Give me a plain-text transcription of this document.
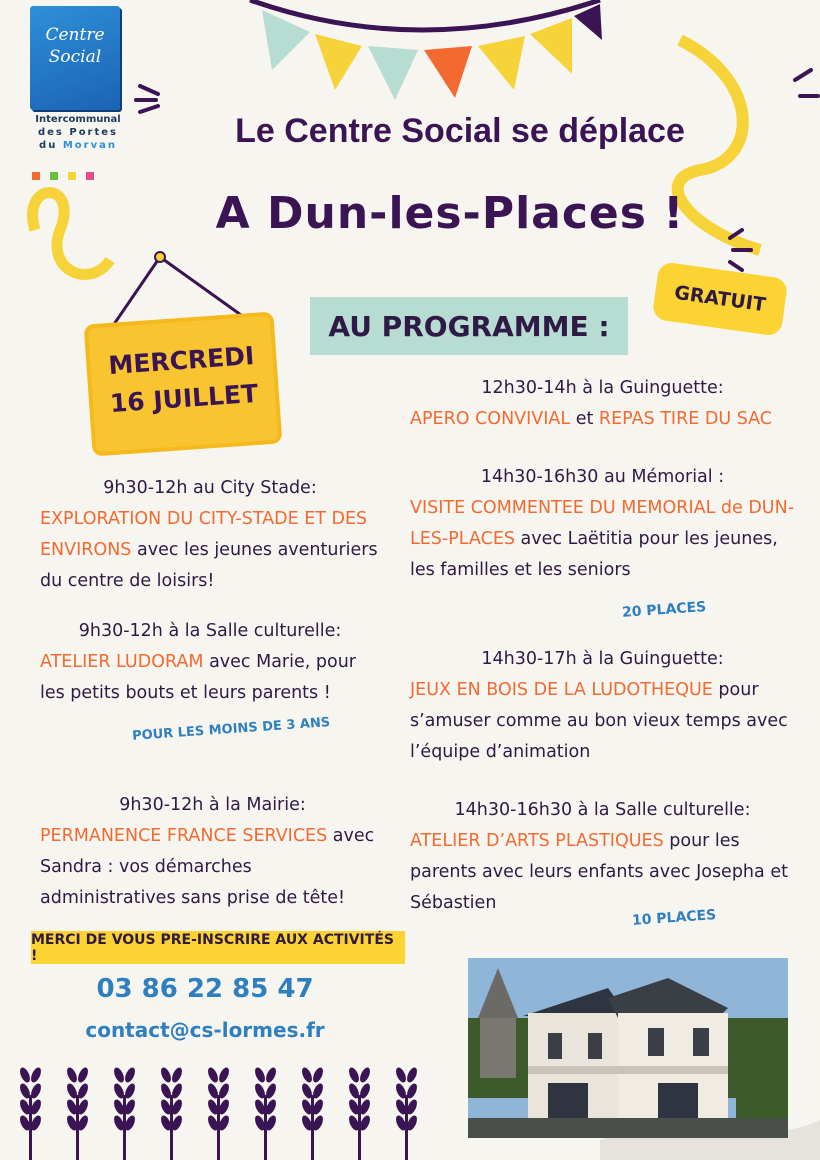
Centre
Social
Intercommunal
des Portes
du Morvan	Le Centre Social se déplace
A Dun-les-Places !
AU PROGRAMME :
GRATUIT
MERCREDI
16 JUILLET

9h30-12h au City Stade:

EXPLORATION DU CITY-STADE ET DES ENVIRONS avec les jeunes aventuriers du centre de loisirs!

9h30-12h à la Salle culturelle:

ATELIER LUDORAM avec Marie, pour les petits bouts et leurs parents !

POUR LES MOINS DE 3 ANS

9h30-12h à la Mairie:

PERMANENCE FRANCE SERVICES avec Sandra : vos démarches administratives sans prise de tête!

12h30-14h à la Guinguette:

APERO CONVIVIAL et REPAS TIRE DU SAC

14h30-16h30 au Mémorial :

VISITE COMMENTEE DU MEMORIAL de DUN-LES-PLACES avec Laëtitia pour les jeunes, les familles et les seniors

20 PLACES

14h30-17h à la Guinguette:

JEUX EN BOIS DE LA LUDOTHEQUE pour s’amuser comme au bon vieux temps avec l’équipe d’animation

14h30-16h30 à la Salle culturelle:

ATELIER D’ARTS PLASTIQUES pour les parents avec leurs enfants avec Josepha et Sébastien

10 PLACES
MERCI DE VOUS PRE-INSCRIRE AUX ACTIVITÉS !
03 86 22 85 47
contact@cs-lormes.fr
